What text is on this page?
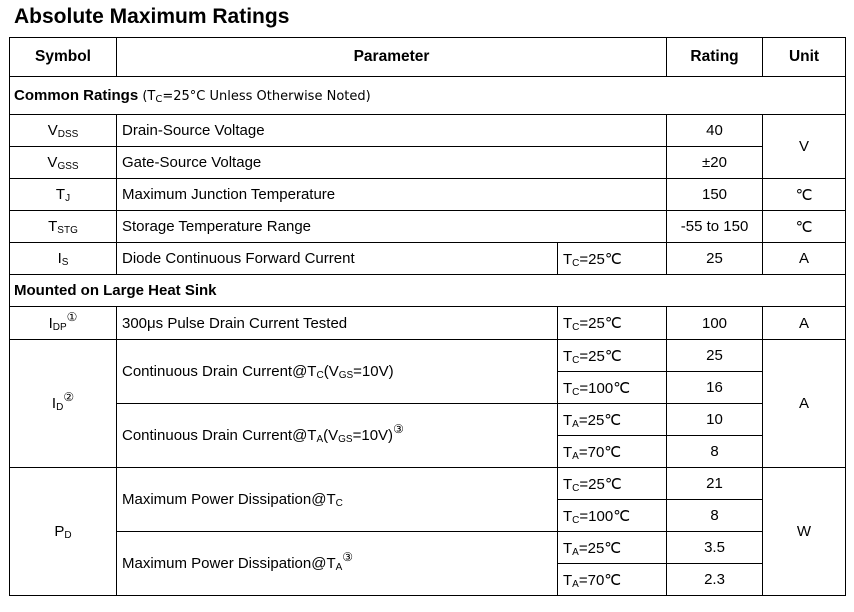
Absolute Maximum Ratings
Symbol	Parameter		Rating	Unit
Common Ratings ($T_C=25^\circ C$ Unless Otherwise Noted)				
$V_{DSS}$	Drain-Source Voltage		40	V
$V_{GSS}$	Gate-Source Voltage		±20	
$T_J$	Maximum Junction Temperature		150	℃
$T_{STG}$	Storage Temperature Range		-55 to 150	℃
$I_S$	Diode Continuous Forward Current	$T_C=25℃$	25	A
Mounted on Large Heat Sink				
$I_{DP}^①$	300μs Pulse Drain Current Tested	$T_C=25℃$	100	A
$I_D^②$	Continuous Drain $Current@T_C(V_{GS}=10V)$	$T_C=25℃$	25	A
		$T_C=100℃$	16	
	Continuous Drain $Current@T_A(V_{GS}=10V)^③$	$T_A=25℃$	10	
		$T_A=70℃$	8	
$P_D$	Maximum Power $Dissipation@T_C$	$T_C=25℃$	21	W
		$T_C=100℃$	8	
	Maximum Power $Dissipation@T_A^③$	$T_A=25℃$	3.5	
		$T_A=70℃$	2.3	
